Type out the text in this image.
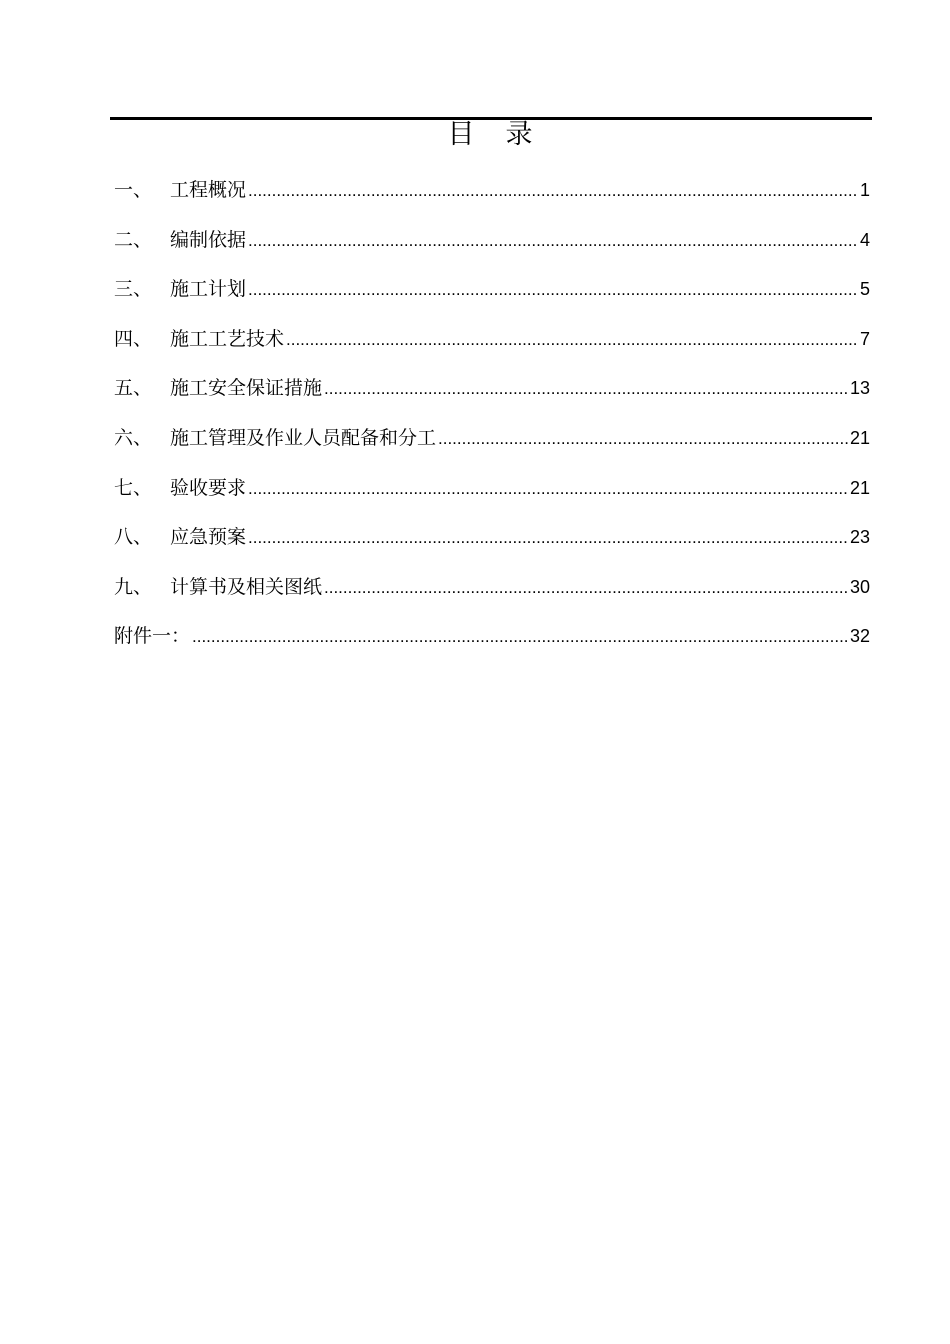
目　录
一、 工程概况 .....	1
二、 编制依据 .....	4
三、 施工计划 .....	5
四、 施工工艺技术 .....	7
五、 施工安全保证措施 .....	13
六、 施工管理及作业人员配备和分工 .....	21
七、 验收要求 .....	21
八、 应急预案 .....	23
九、 计算书及相关图纸 .....	30
附件一： .....	32
